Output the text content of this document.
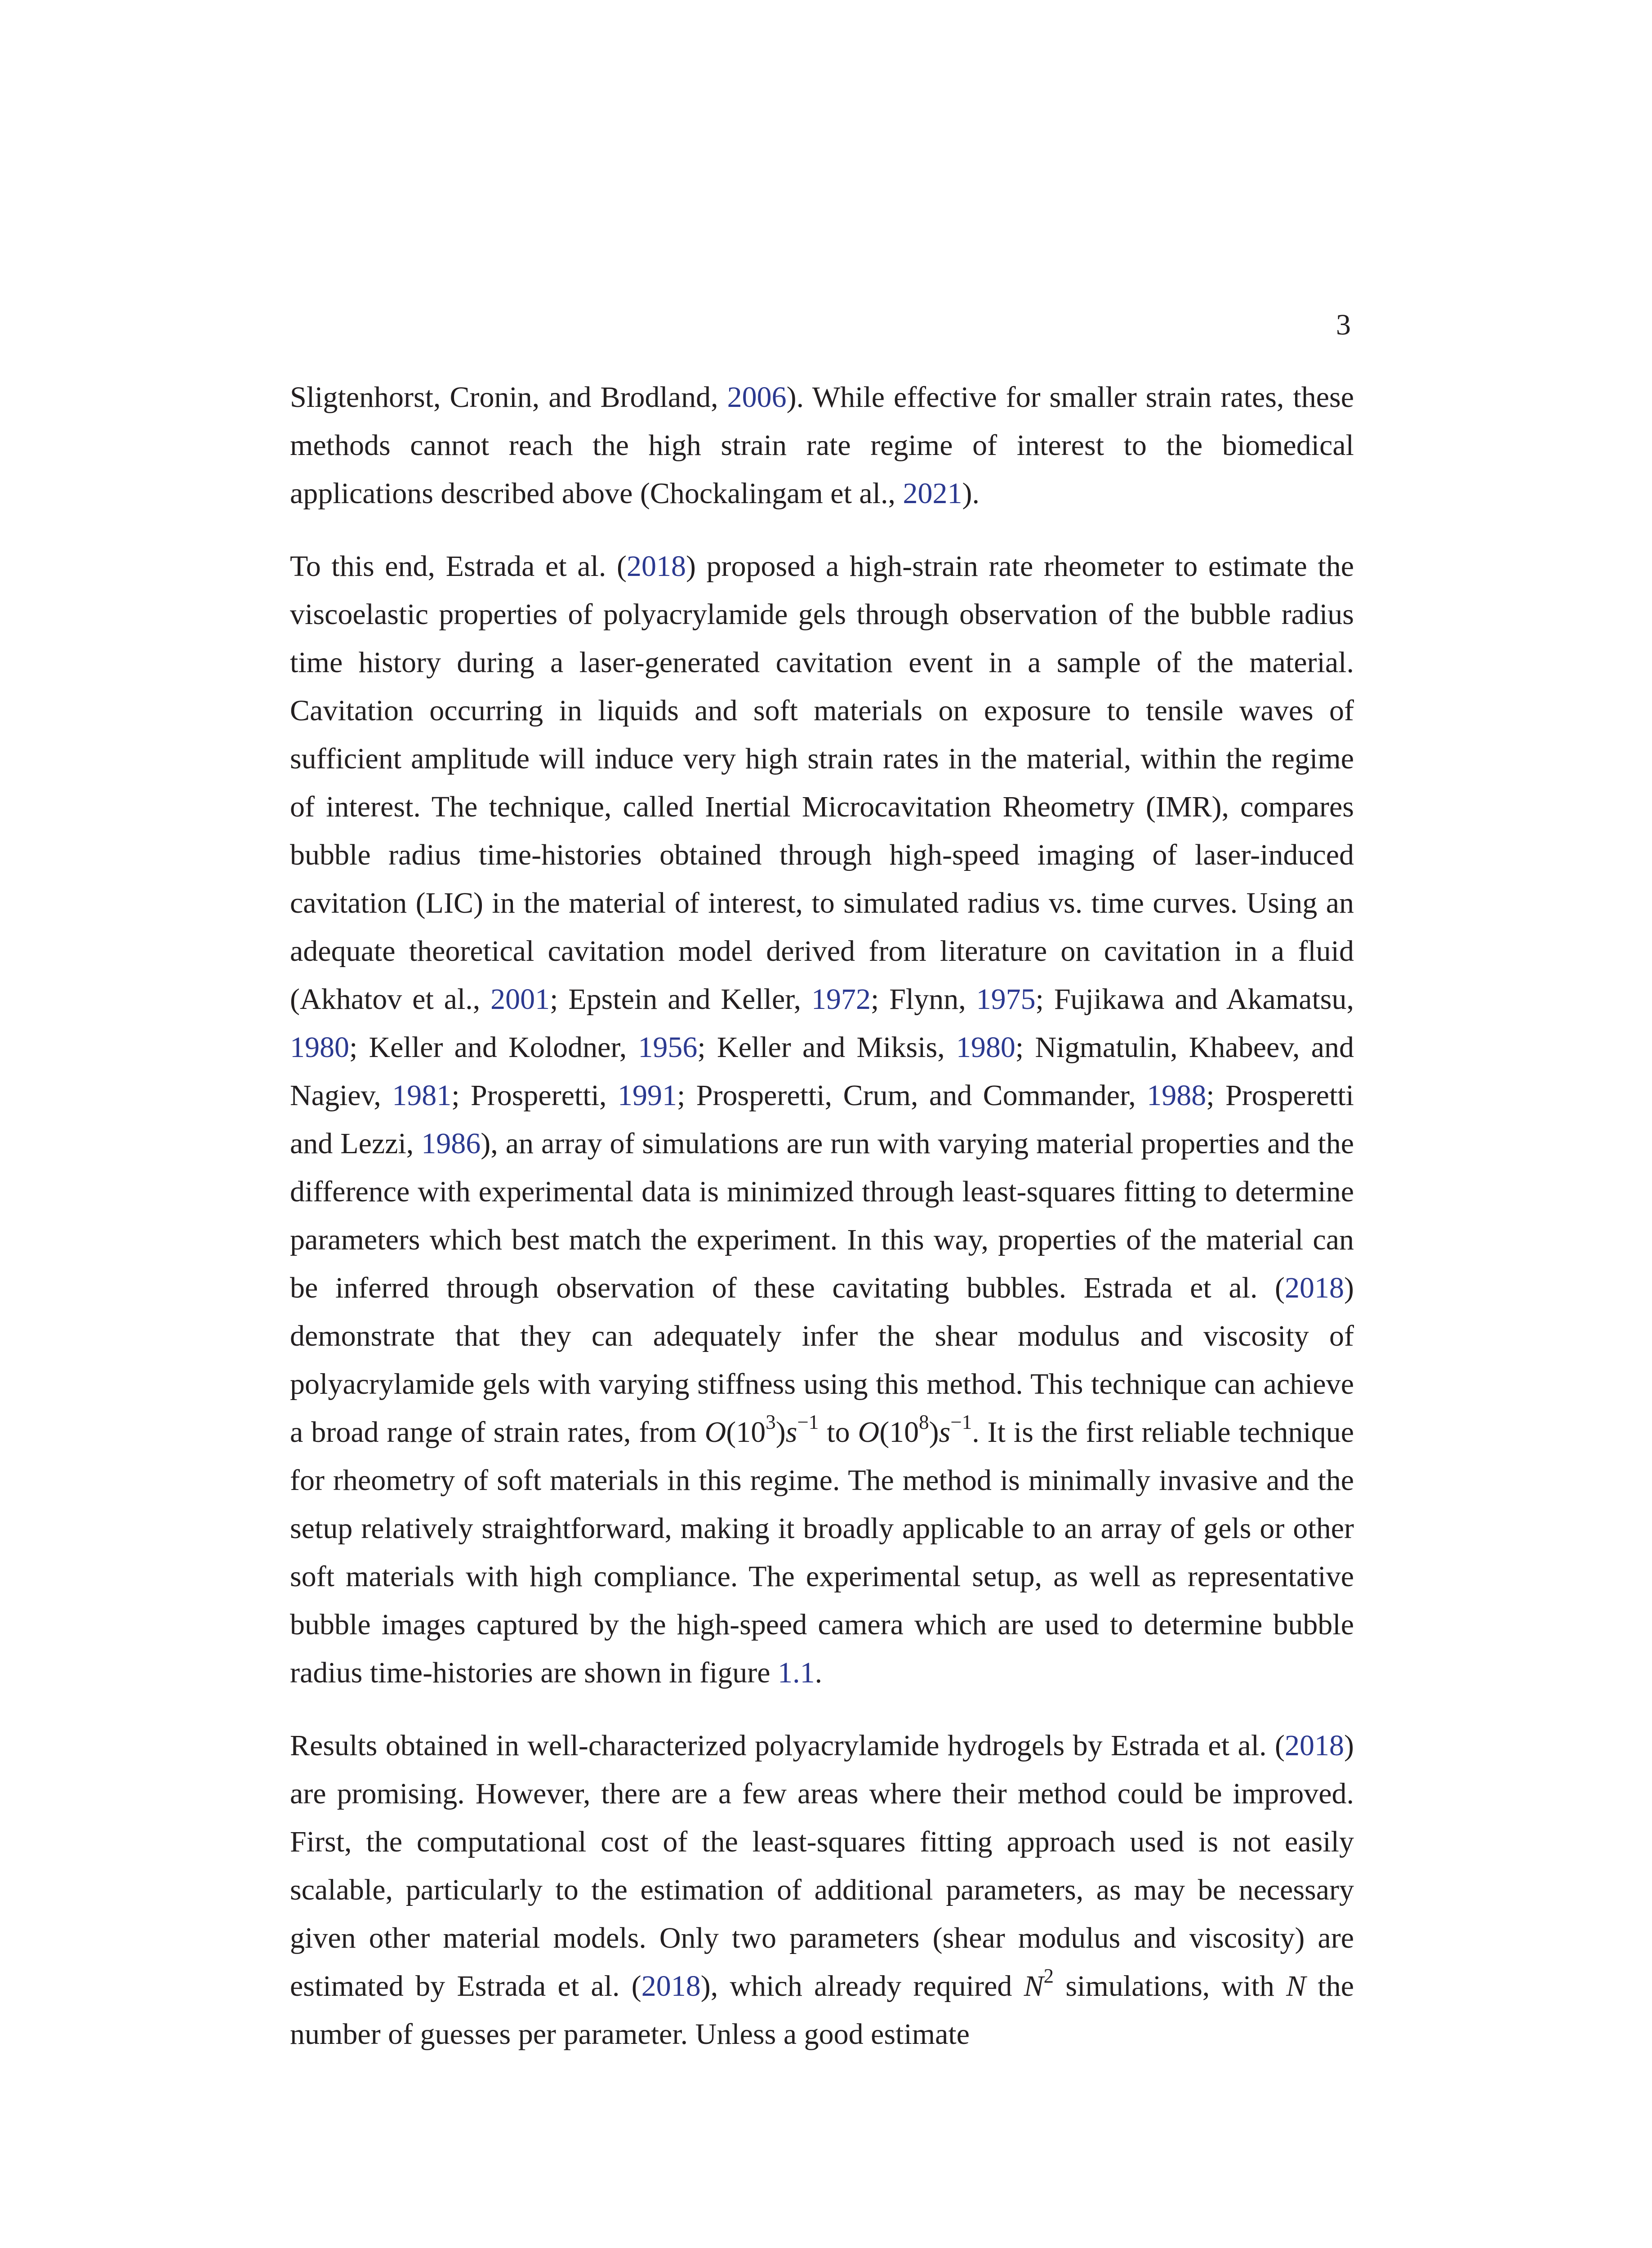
3

Sligtenhorst, Cronin, and Brodland, 2006). While effective for smaller strain rates, these methods cannot reach the high strain rate regime of interest to the biomedical applications described above (Chockalingam et al., 2021).

To this end, Estrada et al. (2018) proposed a high-strain rate rheometer to estimate the viscoelastic properties of polyacrylamide gels through observation of the bubble radius time history during a laser-generated cavitation event in a sample of the material. Cavitation occurring in liquids and soft materials on exposure to tensile waves of sufficient amplitude will induce very high strain rates in the material, within the regime of interest. The technique, called Inertial Microcavitation Rheometry (IMR), compares bubble radius time-histories obtained through high-speed imaging of laser-induced cavitation (LIC) in the material of interest, to simulated radius vs. time curves. Using an adequate theoretical cavitation model derived from literature on cavitation in a fluid (Akhatov et al., 2001; Epstein and Keller, 1972; Flynn, 1975; Fujikawa and Akamatsu, 1980; Keller and Kolodner, 1956; Keller and Miksis, 1980; Nigmatulin, Khabeev, and Nagiev, 1981; Prosperetti, 1991; Prosperetti, Crum, and Commander, 1988; Prosperetti and Lezzi, 1986), an array of simulations are run with varying material properties and the difference with experimental data is minimized through least-squares fitting to determine parameters which best match the experiment. In this way, properties of the material can be inferred through observation of these cavitating bubbles. Estrada et al. (2018) demonstrate that they can adequately infer the shear modulus and viscosity of polyacrylamide gels with varying stiffness using this method. This technique can achieve a broad range of strain rates, from $O(10^3)s^{-1}$ to $O(10^8)s^{-1}$. It is the first reliable technique for rheometry of soft materials in this regime. The method is minimally invasive and the setup relatively straightforward, making it broadly applicable to an array of gels or other soft materials with high compliance. The experimental setup, as well as representative bubble images captured by the high-speed camera which are used to determine bubble radius time-histories are shown in figure 1.1.

Results obtained in well-characterized polyacrylamide hydrogels by Estrada et al. (2018) are promising. However, there are a few areas where their method could be improved. First, the computational cost of the least-squares fitting approach used is not easily scalable, particularly to the estimation of additional parameters, as may be necessary given other material models. Only two parameters (shear modulus and viscosity) are estimated by Estrada et al. (2018), which already required $N^2$ simulations, with N the number of guesses per parameter. Unless a good estimate
